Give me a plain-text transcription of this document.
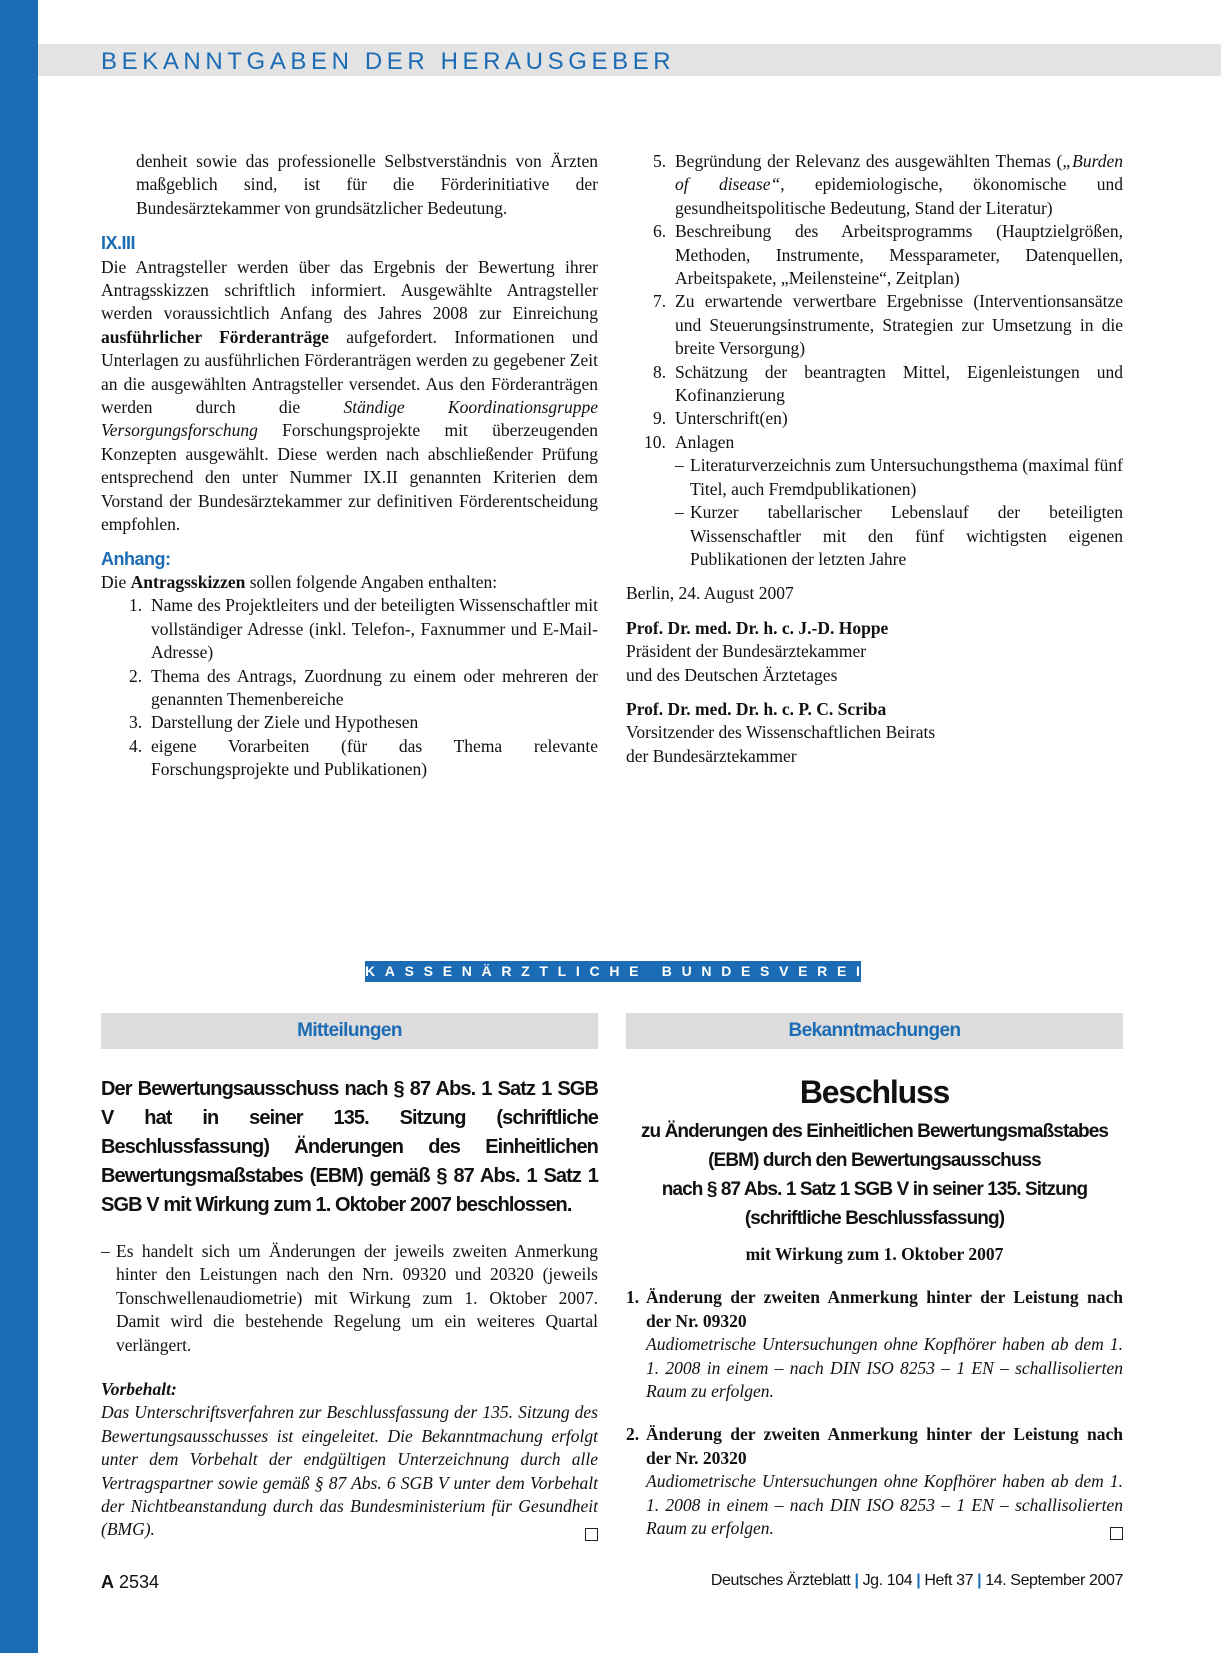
BEKANNTGABEN DER HERAUSGEBER

denheit sowie das professionelle Selbstverständnis von Ärzten maßgeblich sind, ist für die Förderinitiative der Bundesärztekammer von grundsätzlicher Bedeutung.

IX.III

Die Antragsteller werden über das Ergebnis der Bewertung ihrer Antragsskizzen schriftlich informiert. Ausgewählte Antragsteller werden voraussichtlich Anfang des Jahres 2008 zur Einreichung ausführlicher Förderanträge aufgefordert. Informationen und Unterlagen zu ausführlichen Förderanträgen werden zu gegebener Zeit an die ausgewählten Antragsteller versendet. Aus den Förderanträgen werden durch die Ständige Koordinationsgruppe Versorgungsforschung Forschungsprojekte mit überzeugenden Konzepten ausgewählt. Diese werden nach abschließender Prüfung entsprechend den unter Nummer IX.II genannten Kriterien dem Vorstand der Bundesärztekammer zur definitiven Förderentscheidung empfohlen.

Anhang:

Die Antragsskizzen sollen folgende Angaben enthalten:

1. Name des Projektleiters und der beteiligten Wissenschaftler mit vollständiger Adresse (inkl. Telefon-, Faxnummer und E-Mail-Adresse)
2. Thema des Antrags, Zuordnung zu einem oder mehreren der genannten Themenbereiche
3. Darstellung der Ziele und Hypothesen
4. eigene Vorarbeiten (für das Thema relevante Forschungsprojekte und Publikationen)
5. Begründung der Relevanz des ausgewählten Themas („Burden of disease“, epidemiologische, ökonomische und gesundheitspolitische Bedeutung, Stand der Literatur)
6. Beschreibung des Arbeitsprogramms (Hauptzielgrößen, Methoden, Instrumente, Messparameter, Datenquellen, Arbeitspakete, „Meilensteine“, Zeitplan)
7. Zu erwartende verwertbare Ergebnisse (Interventionsansätze und Steuerungsinstrumente, Strategien zur Umsetzung in die breite Versorgung)
8. Schätzung der beantragten Mittel, Eigenleistungen und Kofinanzierung
9. Unterschrift(en)
10. Anlagen
– Literaturverzeichnis zum Untersuchungsthema (maximal fünf Titel, auch Fremdpublikationen)
– Kurzer tabellarischer Lebenslauf der beteiligten Wissenschaftler mit den fünf wichtigsten eigenen Publikationen der letzten Jahre

Berlin, 24. August 2007

Prof. Dr. med. Dr. h. c. J.-D. Hoppe

Präsident der Bundesärztekammer

und des Deutschen Ärztetages

Prof. Dr. med. Dr. h. c. P. C. Scriba

Vorsitzender des Wissenschaftlichen Beirats

der Bundesärztekammer

KASSENÄRZTLICHE BUNDESVEREINIGUNG
Mitteilungen	Bekanntmachungen

Der Bewertungsausschuss nach § 87 Abs. 1 Satz 1 SGB V hat in seiner 135. Sitzung (schriftliche Beschlussfassung) Änderungen des Einheitlichen Bewertungsmaßstabes (EBM) gemäß § 87 Abs. 1 Satz 1 SGB V mit Wirkung zum 1. Oktober 2007 beschlossen.

– Es handelt sich um Änderungen der jeweils zweiten Anmerkung hinter den Leistungen nach den Nrn. 09320 und 20320 (jeweils Tonschwellenaudiometrie) mit Wirkung zum 1. Oktober 2007. Damit wird die bestehende Regelung um ein weiteres Quartal verlängert.

Vorbehalt:

Das Unterschriftsverfahren zur Beschlussfassung der 135. Sitzung des Bewertungsausschusses ist eingeleitet. Die Bekanntmachung erfolgt unter dem Vorbehalt der endgültigen Unterzeichnung durch alle Vertragspartner sowie gemäß § 87 Abs. 6 SGB V unter dem Vorbehalt der Nichtbeanstandung durch das Bundesministerium für Gesundheit (BMG).

Beschluss

zu Änderungen des Einheitlichen Bewertungsmaßstabes
(EBM) durch den Bewertungsausschuss
nach § 87 Abs. 1 Satz 1 SGB V in seiner 135. Sitzung
(schriftliche Beschlussfassung)

mit Wirkung zum 1. Oktober 2007

1. Änderung der zweiten Anmerkung hinter der Leistung nach der Nr. 09320

Audiometrische Untersuchungen ohne Kopfhörer haben ab dem 1. 1. 2008 in einem – nach DIN ISO 8253 – 1 EN – schallisolierten Raum zu erfolgen.

2. Änderung der zweiten Anmerkung hinter der Leistung nach der Nr. 20320

Audiometrische Untersuchungen ohne Kopfhörer haben ab dem 1. 1. 2008 in einem – nach DIN ISO 8253 – 1 EN – schallisolierten Raum zu erfolgen.

A 2534	Deutsches Ärzteblatt | Jg. 104 | Heft 37 | 14. September 2007
